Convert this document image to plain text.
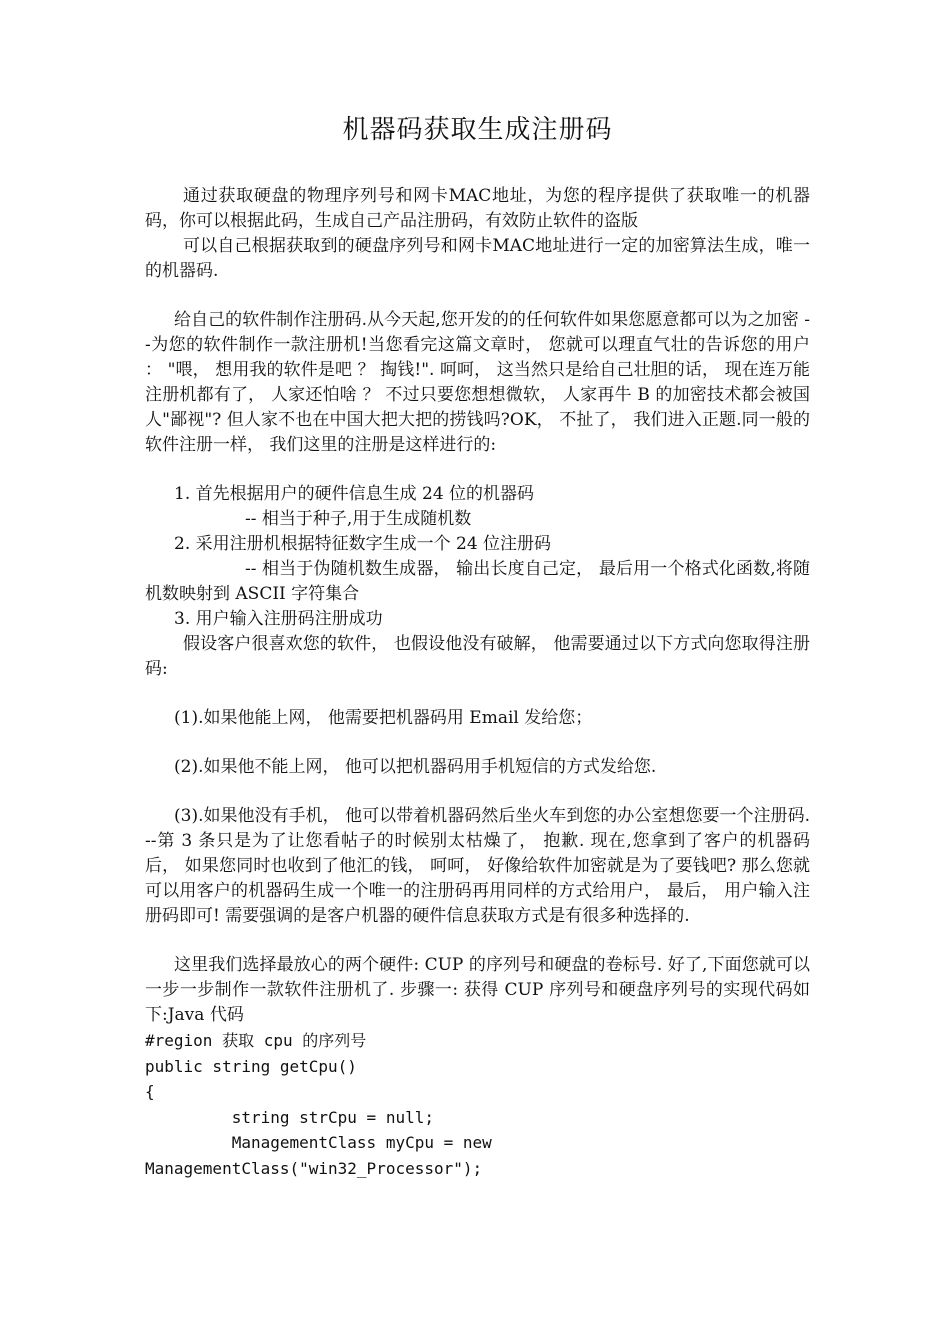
机器码获取生成注册码

通过获取硬盘的物理序列号和网卡MAC地址，为您的程序提供了获取唯一的机器码，你可以根据此码，生成自己产品注册码，有效防止软件的盗版

可以自己根据获取到的硬盘序列号和网卡MAC地址进行一定的加密算法生成，唯一的机器码.

给自己的软件制作注册码.从今天起,您开发的的任何软件如果您愿意都可以为之加密 --为您的软件制作一款注册机!当您看完这篇文章时， 您就可以理直气壮的告诉您的用户 ： "喂， 想用我的软件是吧 ？ 掏钱!". 呵呵， 这当然只是给自己壮胆的话， 现在连万能注册机都有了， 人家还怕啥 ？ 不过只要您想想微软， 人家再牛 B 的加密技术都会被国人"鄙视"? 但人家不也在中国大把大把的捞钱吗?OK， 不扯了， 我们进入正题.同一般的软件注册一样， 我们这里的注册是这样进行的:

1. 首先根据用户的硬件信息生成 24 位的机器码

-- 相当于种子,用于生成随机数

2. 采用注册机根据特征数字生成一个 24 位注册码

-- 相当于伪随机数生成器， 输出长度自己定， 最后用一个格式化函数,将随机数映射到 ASCII 字符集合

3. 用户输入注册码注册成功

假设客户很喜欢您的软件， 也假设他没有破解， 他需要通过以下方式向您取得注册码:

(1).如果他能上网， 他需要把机器码用 Email 发给您；

(2).如果他不能上网， 他可以把机器码用手机短信的方式发给您.

(3).如果他没有手机， 他可以带着机器码然后坐火车到您的办公室想您要一个注册码.　　　--第 3 条只是为了让您看帖子的时候别太枯燥了， 抱歉. 现在,您拿到了客户的机器码后， 如果您同时也收到了他汇的钱， 呵呵， 好像给软件加密就是为了要钱吧? 那么您就可以用客户的机器码生成一个唯一的注册码再用同样的方式给用户， 最后， 用户输入注册码即可! 需要强调的是客户机器的硬件信息获取方式是有很多种选择的.

这里我们选择最放心的两个硬件: CUP 的序列号和硬盘的卷标号. 好了,下面您就可以一步一步制作一款软件注册机了. 步骤一: 获得 CUP 序列号和硬盘序列号的实现代码如下:Java 代码

#region 获取 cpu 的序列号

public string getCpu()

{

string strCpu = null;

ManagementClass myCpu = new

ManagementClass("win32_Processor");
